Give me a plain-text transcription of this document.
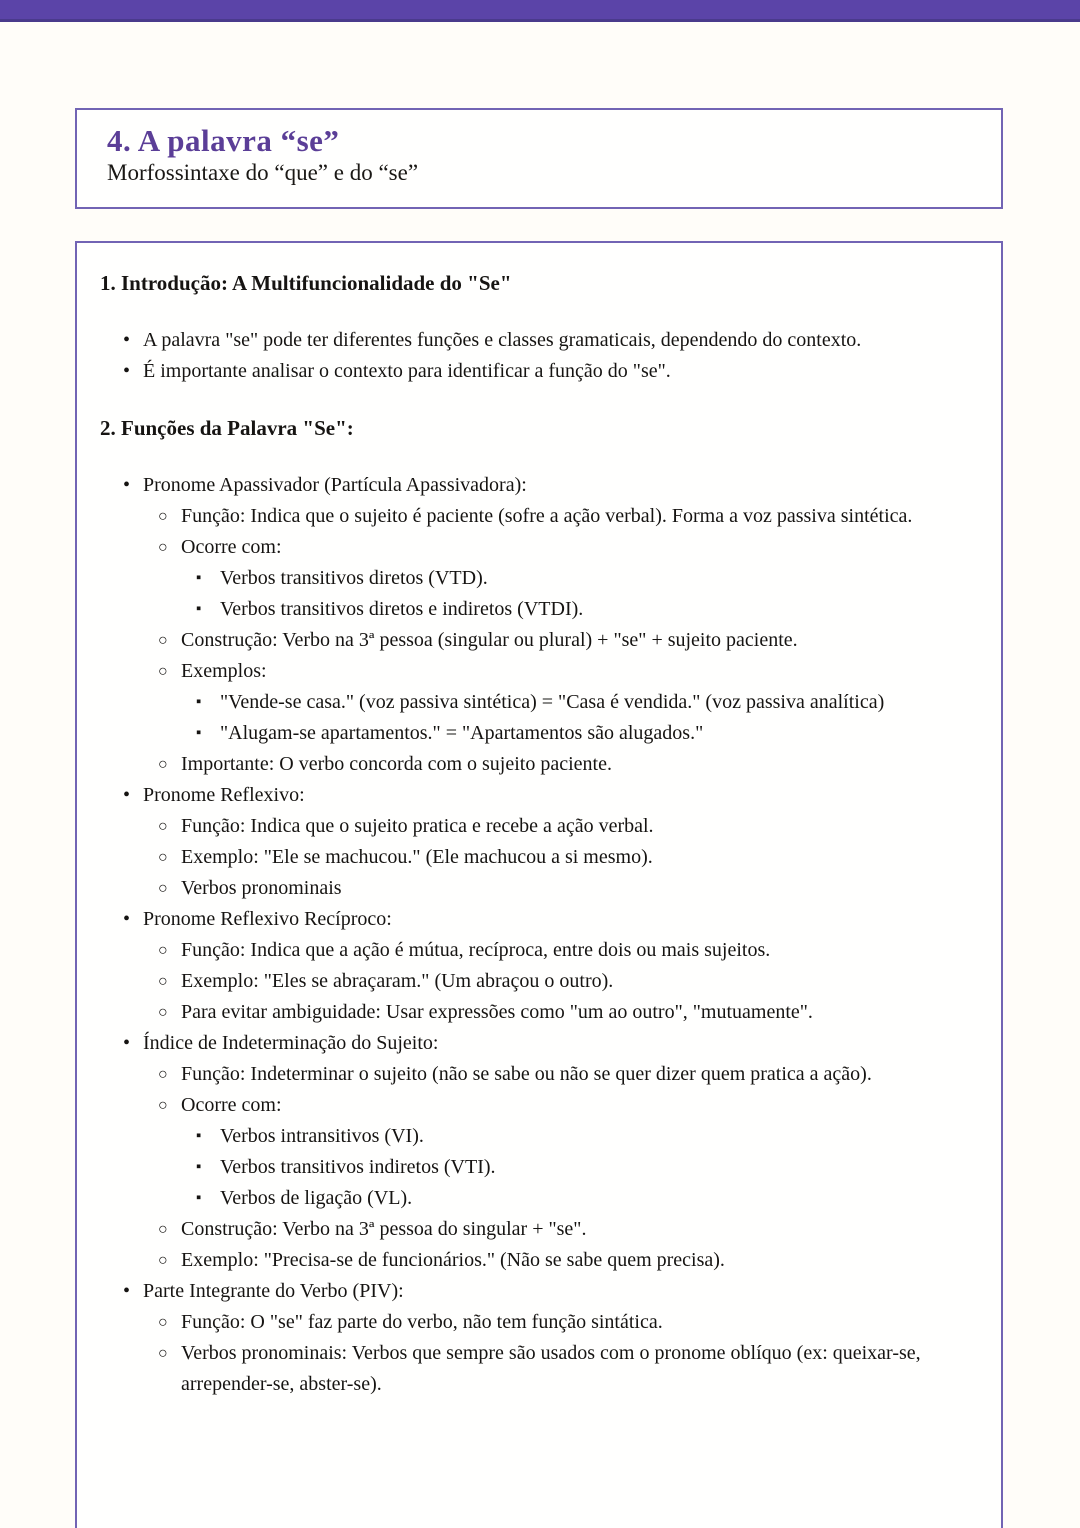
4. A palavra “se”

Morfossintaxe do “que” e do “se”

1. Introdução: A Multifuncionalidade do "Se"
• A palavra "se" pode ter diferentes funções e classes gramaticais, dependendo do contexto.
• É importante analisar o contexto para identificar a função do "se".
2. Funções da Palavra "Se":
• Pronome Apassivador (Partícula Apassivadora):
○ Função: Indica que o sujeito é paciente (sofre a ação verbal). Forma a voz passiva sintética.
○ Ocorre com:
▪ Verbos transitivos diretos (VTD).
▪ Verbos transitivos diretos e indiretos (VTDI).
○ Construção: Verbo na 3ª pessoa (singular ou plural) + "se" + sujeito paciente.
○ Exemplos:
▪ "Vende-se casa." (voz passiva sintética) = "Casa é vendida." (voz passiva analítica)
▪ "Alugam-se apartamentos." = "Apartamentos são alugados."
○ Importante: O verbo concorda com o sujeito paciente.
• Pronome Reflexivo:
○ Função: Indica que o sujeito pratica e recebe a ação verbal.
○ Exemplo: "Ele se machucou." (Ele machucou a si mesmo).
○ Verbos pronominais
• Pronome Reflexivo Recíproco:
○ Função: Indica que a ação é mútua, recíproca, entre dois ou mais sujeitos.
○ Exemplo: "Eles se abraçaram." (Um abraçou o outro).
○ Para evitar ambiguidade: Usar expressões como "um ao outro", "mutuamente".
• Índice de Indeterminação do Sujeito:
○ Função: Indeterminar o sujeito (não se sabe ou não se quer dizer quem pratica a ação).
○ Ocorre com:
▪ Verbos intransitivos (VI).
▪ Verbos transitivos indiretos (VTI).
▪ Verbos de ligação (VL).
○ Construção: Verbo na 3ª pessoa do singular + "se".
○ Exemplo: "Precisa-se de funcionários." (Não se sabe quem precisa).
• Parte Integrante do Verbo (PIV):
○ Função: O "se" faz parte do verbo, não tem função sintática.
○ Verbos pronominais: Verbos que sempre são usados com o pronome oblíquo (ex: queixar-se, arrepender-se, abster-se).
